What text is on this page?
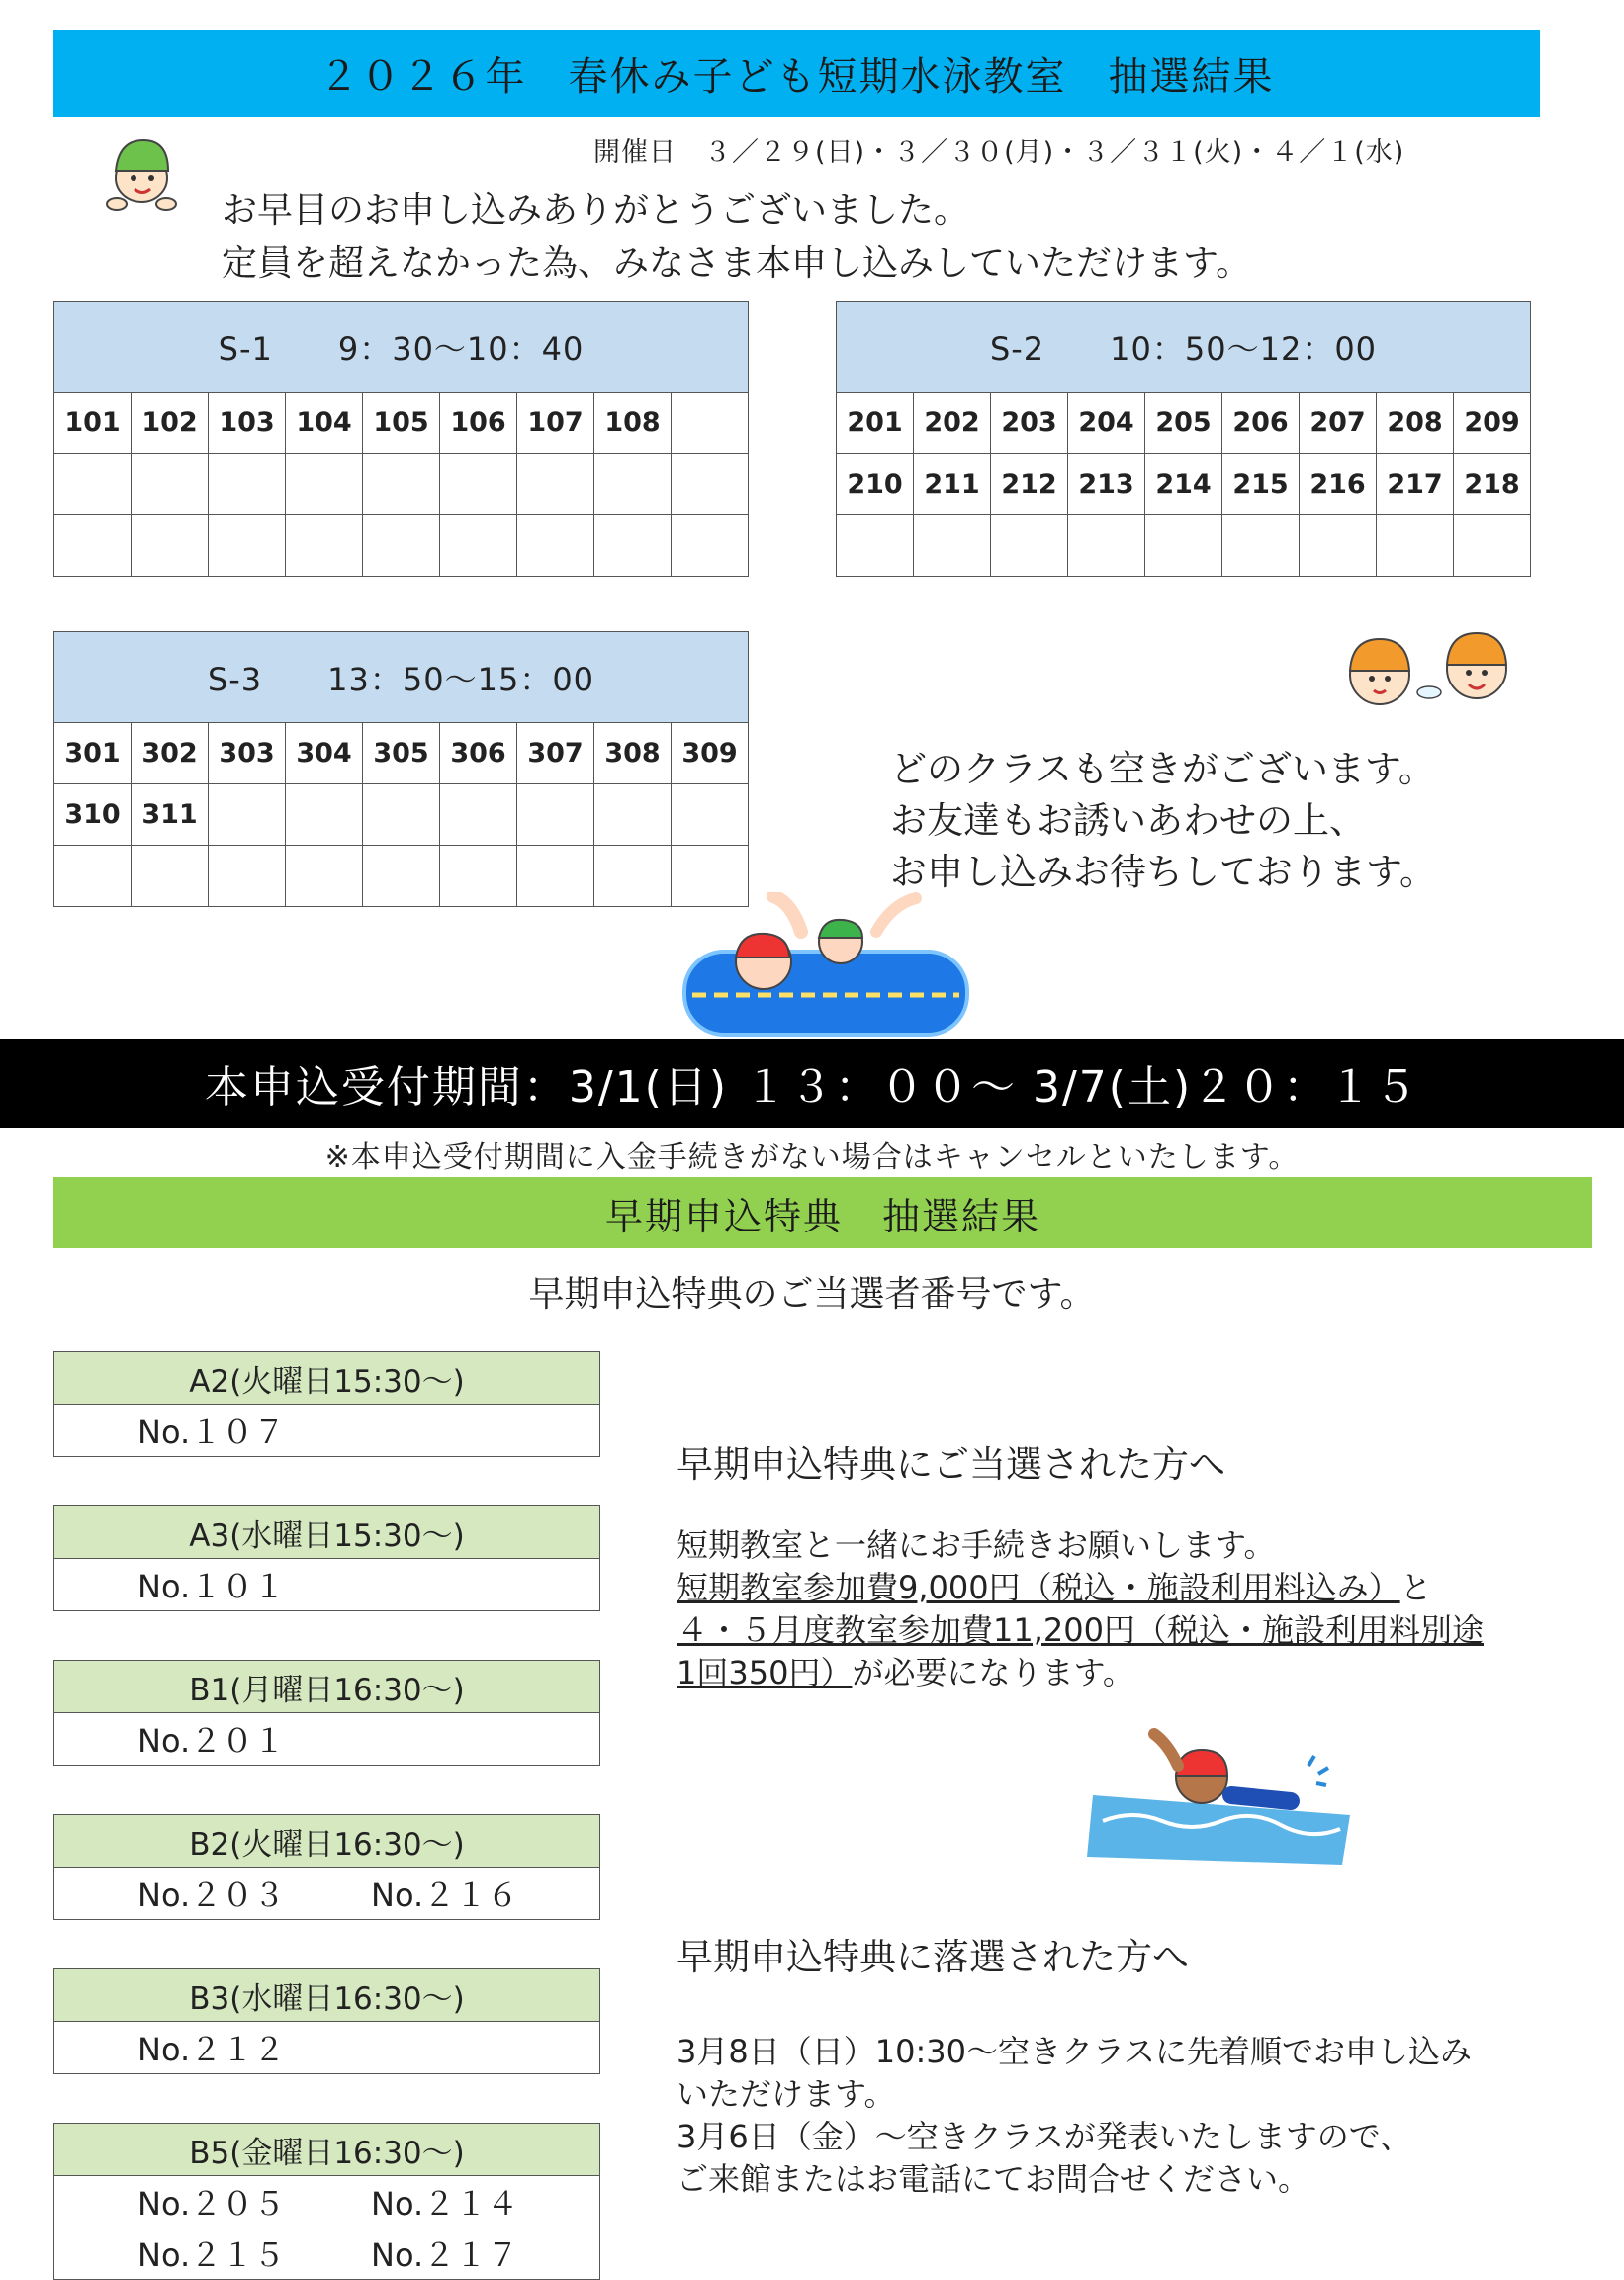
２０２６年　春休み子ども短期水泳教室　抽選結果
開催日　３／２９(日)・３／３０(月)・３／３１(火)・４／１(水)
お早目のお申し込みありがとうございました。
定員を超えなかった為、みなさま本申し込みしていただけます。
S-1　　9：30～10：40								
101	102	103	104	105	106	107	108	

S-2　　10：50～12：00								
201	202	203	204	205	206	207	208	209
210	211	212	213	214	215	216	217	218

S-3　　13：50～15：00								
301	302	303	304	305	306	307	308	309
310	311							

どのクラスも空きがございます。
お友達もお誘いあわせの上、
お申し込みお待ちしております。
本申込受付期間：3/1(日) １３：００～ 3/7(土)２０：１５
※本申込受付期間に入金手続きがない場合はキャンセルといたします。
早期申込特典　抽選結果
早期申込特典のご当選者番号です。
A2(火曜日15:30～)
No.１０７
A3(水曜日15:30～)
No.１０１
B1(月曜日16:30～)
No.２０１
B2(火曜日16:30～)
No.２０３	No.２１６
B3(水曜日16:30～)
No.２１２
B5(金曜日16:30～)
No.２０５	No.２１４
No.２１５	No.２１７
早期申込特典にご当選された方へ
短期教室と一緒にお手続きお願いします。
短期教室参加費9,000円（税込・施設利用料込み）と
４・５月度教室参加費11,200円（税込・施設利用料別途
1回350円）が必要になります。
早期申込特典に落選された方へ
3月8日（日）10:30～空きクラスに先着順でお申し込み
いただけます。
3月6日（金）～空きクラスが発表いたしますので、
ご来館またはお電話にてお問合せください。
